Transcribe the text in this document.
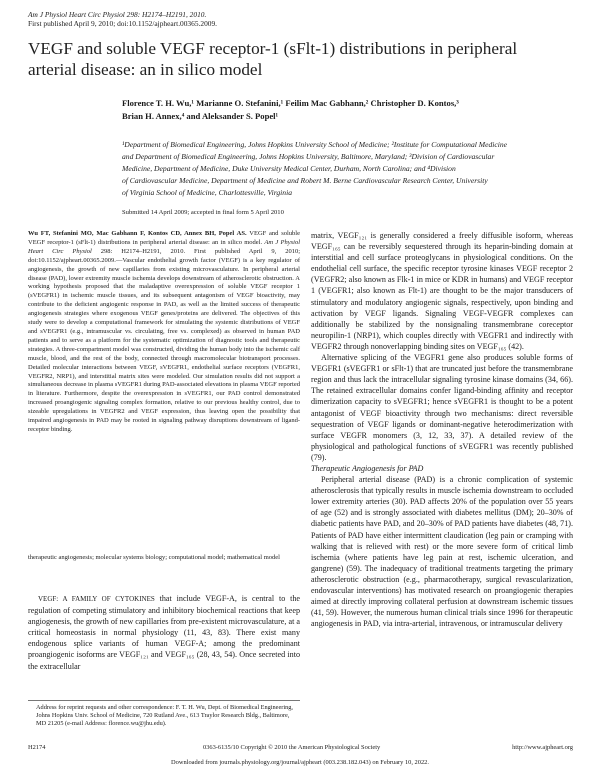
Am J Physiol Heart Circ Physiol 298: H2174–H2191, 2010.
First published April 9, 2010; doi:10.1152/ajpheart.00365.2009.
VEGF and soluble VEGF receptor-1 (sFlt-1) distributions in peripheral
arterial disease: an in silico model
Florence T. H. Wu,¹ Marianne O. Stefanini,¹ Feilim Mac Gabhann,² Christopher D. Kontos,³
Brian H. Annex,⁴ and Aleksander S. Popel¹
¹Department of Biomedical Engineering, Johns Hopkins University School of Medicine; ²Institute for Computational Medicine
and Department of Biomedical Engineering, Johns Hopkins University, Baltimore, Maryland; ³Division of Cardiovascular
Medicine, Department of Medicine, Duke University Medical Center, Durham, North Carolina; and ⁴Division
of Cardiovascular Medicine, Department of Medicine and Robert M. Berne Cardiovascular Research Center, University
of Virginia School of Medicine, Charlottesville, Virginia
Submitted 14 April 2009; accepted in final form 5 April 2010
Wu FT, Stefanini MO, Mac Gabhann F, Kontos CD, Annex BH, Popel AS. VEGF and soluble VEGF receptor-1 (sFlt-1) distributions in peripheral arterial disease: an in silico model. Am J Physiol Heart Circ Physiol 298: H2174–H2191, 2010. First published April 9, 2010; doi:10.1152/ajpheart.00365.2009.—Vascular endothelial growth factor (VEGF) is a key regulator of angiogenesis, the growth of new capillaries from existing microvasculature. In peripheral arterial disease (PAD), lower extremity muscle ischemia develops downstream of atherosclerotic obstruction. A working hypothesis proposed that the maladaptive overexpression of soluble VEGF receptor 1 (sVEGFR1) in ischemic muscle tissues, and its subsequent antagonism of VEGF bioactivity, may contribute to the deficient angiogenic response in PAD, as well as the limited success of therapeutic angiogenesis strategies where exogenous VEGF genes/proteins are delivered. The objectives of this study were to develop a computational framework for simulating the systemic distributions of VEGF and sVEGFR1 (e.g., intramuscular vs. circulating, free vs. complexed) as observed in human PAD patients and to serve as a platform for the systematic optimization of diagnostic tools and therapeutic strategies. A three-compartment model was constructed, dividing the human body into the ischemic calf muscle, blood, and the rest of the body, connected through macromolecular biotransport processes. Detailed molecular interactions between VEGF, sVEGFR1, endothelial surface receptors (VEGFR1, VEGFR2, NRP1), and interstitial matrix sites were modeled. Our simulation results did not support a simultaneous decrease in plasma sVEGFR1 during PAD-associated elevations in plasma VEGF reported in literature. Furthermore, despite the overexpression in sVEGFR1, our PAD control demonstrated increased proangiogenic signaling complex formation, relative to our previous healthy control, due to sizeable upregulations in VEGFR2 and VEGF expression, thus leaving open the possibility that impaired angiogenesis in PAD may be rooted in signaling pathway disruptions downstream of ligand-receptor binding.
therapeutic angiogenesis; molecular systems biology; computational model; mathematical model

VEGF: A FAMILY OF CYTOKINES that include VEGF-A, is central to the regulation of competing stimulatory and inhibitory biochemical reactions that keep angiogenesis, the growth of new capillaries from pre-existent microvasculature, at a critical homeostasis in normal physiology (11, 43, 83). There exist many endogenous splice variants of human VEGF-A; among the predominant proangiogenic isoforms are VEGF₁₂₁ and VEGF₁₆₅ (28, 43, 54). Once secreted into the extracellular

matrix, VEGF₁₂₁ is generally considered a freely diffusible isoform, whereas VEGF₁₆₅ can be reversibly sequestered through its heparin-binding domain at interstitial and cell surface proteoglycans in physiological conditions. On the endothelial cell surface, the specific receptor tyrosine kinases VEGF receptor 2 (VEGFR2; also known as Flk-1 in mice or KDR in humans) and VEGF receptor 1 (VEGFR1; also known as Flt-1) are thought to be the major transducers of stimulatory and modulatory angiogenic signals, respectively, upon binding and activation by VEGF ligands. Signaling VEGF-VEGFR complexes can additionally be stabilized by the nonsignaling transmembrane coreceptor neuropilin-1 (NRP1), which couples directly with VEGFR1 and indirectly with VEGFR2 through nonoverlapping binding sites on VEGF₁₆₅ (42).

Alternative splicing of the VEGFR1 gene also produces soluble forms of VEGFR1 (sVEGFR1 or sFlt-1) that are truncated just before the transmembrane region and thus lack the intracellular signaling tyrosine kinase domains (34, 66). The retained extracellular domains confer ligand-binding affinity and receptor dimerization capacity to sVEGFR1; hence sVEGFR1 is thought to be a potent antagonist of VEGF bioactivity through two mechanisms: direct reversible sequestration of VEGF ligands or dominant-negative heterodimerization with surface VEGFR monomers (3, 12, 33, 37). A detailed review of the physiological and pathological functions of sVEGFR1 was recently published (79).

Therapeutic Angiogenesis for PAD

Peripheral arterial disease (PAD) is a chronic complication of systemic atherosclerosis that typically results in muscle ischemia downstream to occluded lower extremity arteries (30). PAD affects 20% of the population over 55 years of age (52) and is strongly associated with diabetes mellitus (DM); 20–30% of diabetic patients have PAD, and 20–30% of PAD patients have diabetes (48, 71). Patients of PAD have either intermittent claudication (leg pain or cramping with walking that is relieved with rest) or the more severe form of critical limb ischemia (where patients have leg pain at rest, ischemic ulceration, and gangrene) (59). The inadequacy of traditional treatments targeting the primary atherosclerotic obstruction (e.g., pharmacotherapy, surgical revascularization, endovascular interventions) has motivated research on proangiogenic therapies aimed at directly improving collateral perfusion at downstream ischemic tissues (41, 59). However, the numerous human clinical trials since 1996 for therapeutic angiogenesis in PAD, via intra-arterial, intravenous, or intramuscular delivery

Address for reprint requests and other correspondence: F. T. H. Wu, Dept. of Biomedical Engineering, Johns Hopkins Univ. School of Medicine, 720 Rutland Ave., 613 Traylor Research Bldg., Baltimore, MD 21205 (e-mail Address: florence.wu@jhu.edu).

H2174	0363-6135/10 Copyright © 2010 the American Physiological Society	http://www.ajpheart.org
Downloaded from journals.physiology.org/journal/ajpheart (003.238.182.043) on February 10, 2022.
